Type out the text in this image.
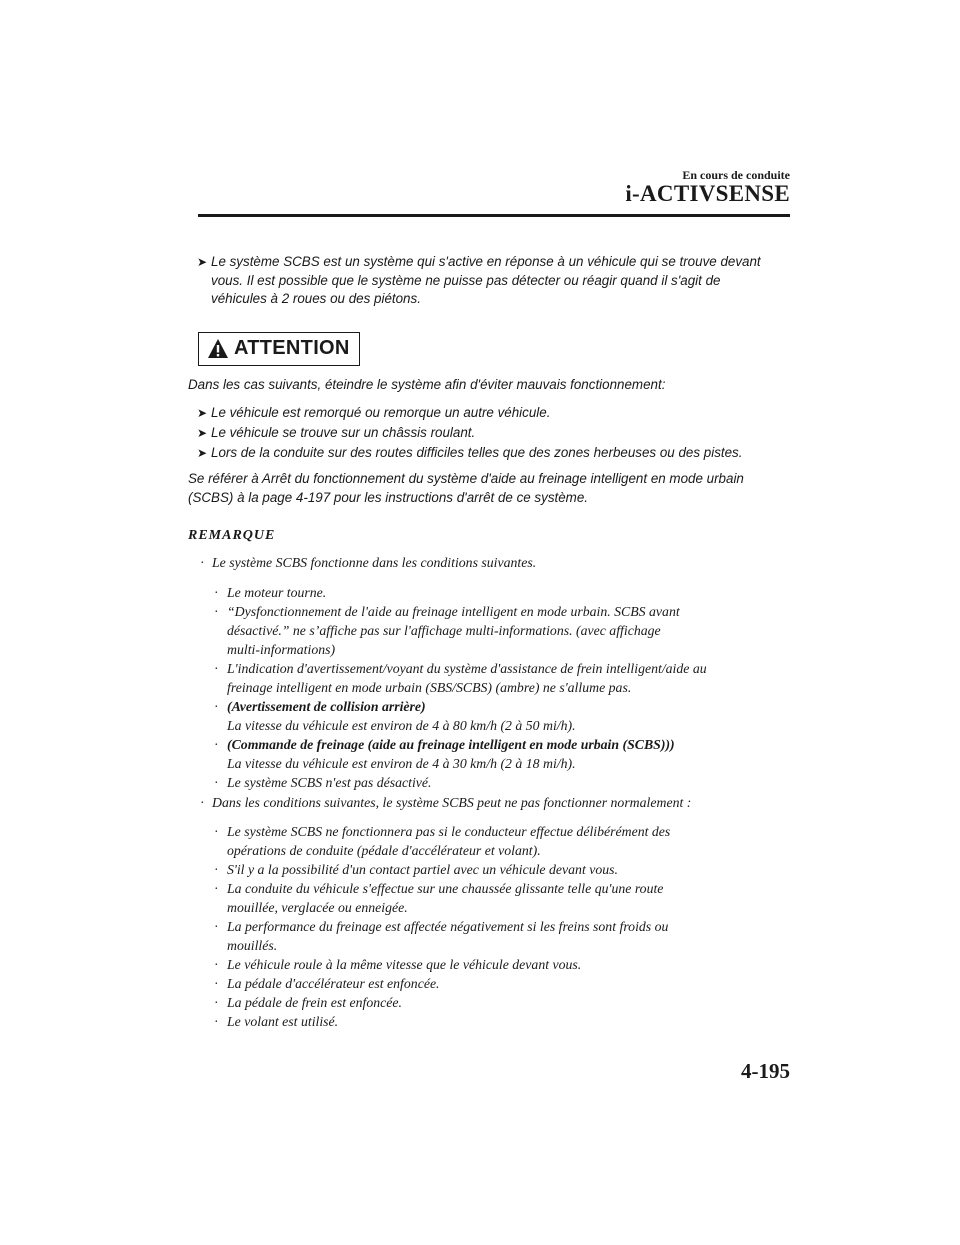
En cours de conduite
i-ACTIVSENSE
➤ Le système SCBS est un système qui s'active en réponse à un véhicule qui se trouve devant
vous. Il est possible que le système ne puisse pas détecter ou réagir quand il s'agit de
véhicules à 2 roues ou des piétons.
ATTENTION
Dans les cas suivants, éteindre le système afin d'éviter mauvais fonctionnement:
➤ Le véhicule est remorqué ou remorque un autre véhicule.
➤ Le véhicule se trouve sur un châssis roulant.
➤ Lors de la conduite sur des routes difficiles telles que des zones herbeuses ou des pistes.
Se référer à Arrêt du fonctionnement du système d'aide au freinage intelligent en mode urbain
(SCBS) à la page 4-197 pour les instructions d'arrêt de ce système.
REMARQUE
· Le système SCBS fonctionne dans les conditions suivantes.
· Le moteur tourne.
· “Dysfonctionnement de l'aide au freinage intelligent en mode urbain. SCBS avant
désactivé.” ne s’affiche pas sur l'affichage multi-informations. (avec affichage
multi-informations)
· L'indication d'avertissement/voyant du système d'assistance de frein intelligent/aide au
freinage intelligent en mode urbain (SBS/SCBS) (ambre) ne s'allume pas.
· (Avertissement de collision arrière)
La vitesse du véhicule est environ de 4 à 80 km/h (2 à 50 mi/h).
· (Commande de freinage (aide au freinage intelligent en mode urbain (SCBS)))
La vitesse du véhicule est environ de 4 à 30 km/h (2 à 18 mi/h).
· Le système SCBS n'est pas désactivé.
· Dans les conditions suivantes, le système SCBS peut ne pas fonctionner normalement :
· Le système SCBS ne fonctionnera pas si le conducteur effectue délibérément des
opérations de conduite (pédale d'accélérateur et volant).
· S'il y a la possibilité d'un contact partiel avec un véhicule devant vous.
· La conduite du véhicule s'effectue sur une chaussée glissante telle qu'une route
mouillée, verglacée ou enneigée.
· La performance du freinage est affectée négativement si les freins sont froids ou
mouillés.
· Le véhicule roule à la même vitesse que le véhicule devant vous.
· La pédale d'accélérateur est enfoncée.
· La pédale de frein est enfoncée.
· Le volant est utilisé.
4-195
